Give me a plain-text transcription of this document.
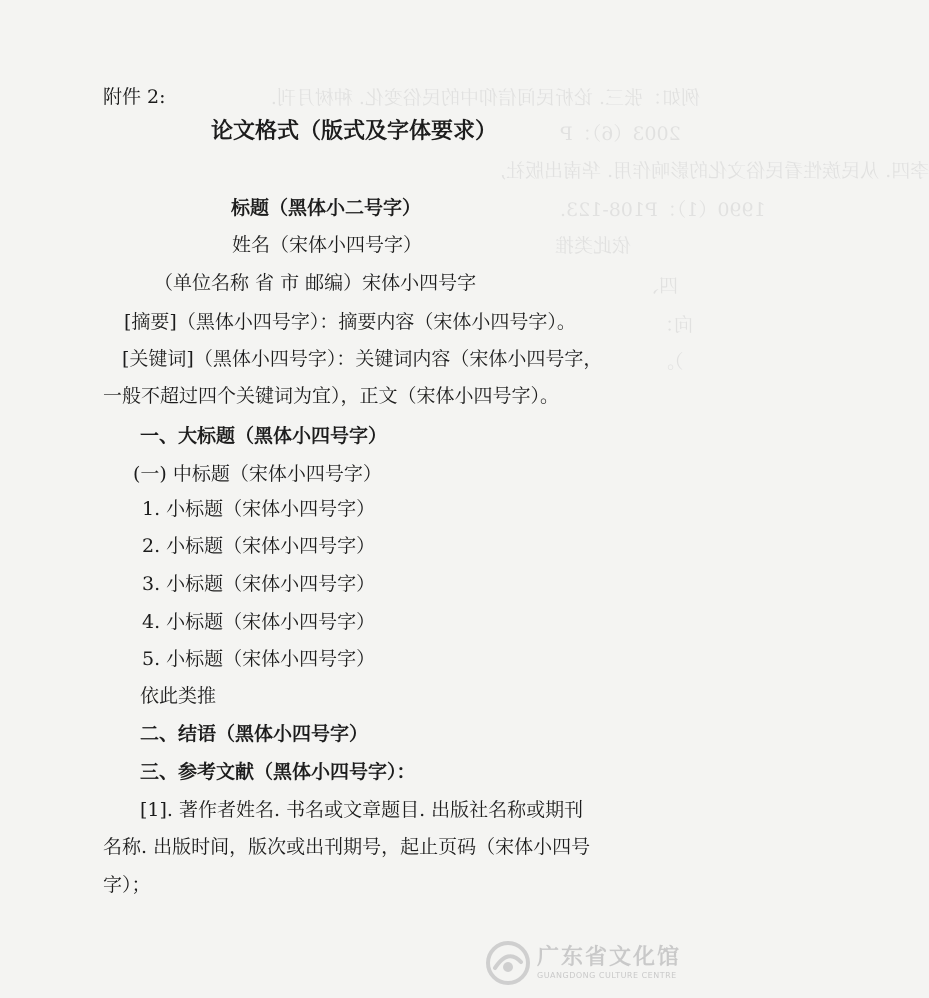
例如：张三. 论析民间信仰中的民俗变化. 种树月刊.
2003（6）：P
李四. 从民族性看民俗文化的影响作用. 华南出版社,
1990（1）：P108-123.
依此类推
四、
向：
）。
附件 2:
论文格式（版式及字体要求）
标题（黑体小二号字）
姓名（宋体小四号字）
（单位名称 省 市 邮编）宋体小四号字
[摘要]（黑体小四号字）：摘要内容（宋体小四号字）。
[关键词]（黑体小四号字）：关键词内容（宋体小四号字，
一般不超过四个关键词为宜），正文（宋体小四号字）。
一、大标题（黑体小四号字）
(一) 中标题（宋体小四号字）
1. 小标题（宋体小四号字）
2. 小标题（宋体小四号字）
3. 小标题（宋体小四号字）
4. 小标题（宋体小四号字）
5. 小标题（宋体小四号字）
依此类推
二、结语（黑体小四号字）
三、参考文献（黑体小四号字）：
[1]. 著作者姓名. 书名或文章题目. 出版社名称或期刊
名称. 出版时间，版次或出刊期号，起止页码（宋体小四号
字）；
广东省文化馆
GUANGDONG CULTURE CENTRE
